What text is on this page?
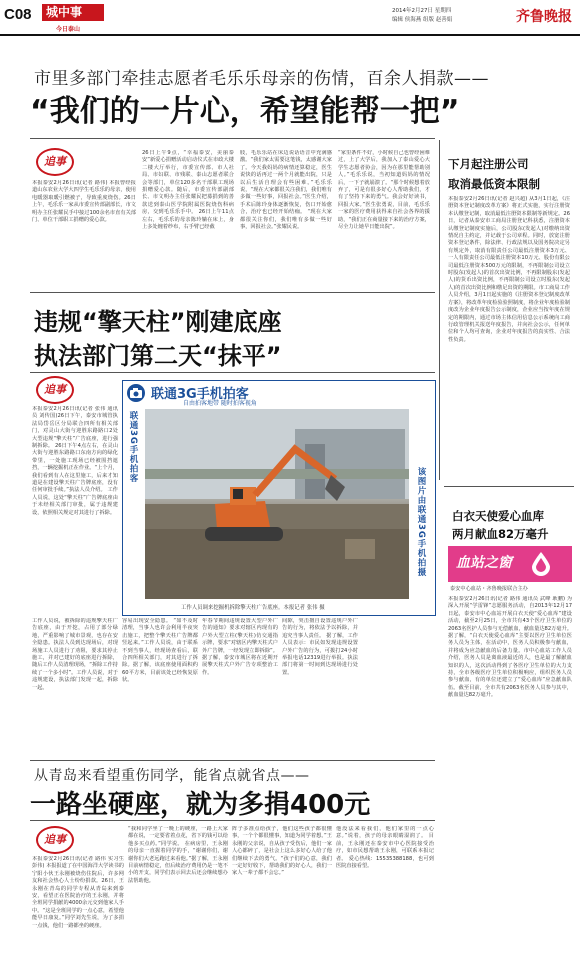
C08	城中事
今日泰山
2014年2月27日 星期四
编辑 侯海燕 组版 赵善娟	齐鲁晚报
市里多部门牵挂志愿者毛乐乐母亲的伤情，百余人捐款——
“我们的一片心，希望能帮一把”
追事
本报泰安2月26日讯(记者 路伟) 本报曾经报道山东农业大学大四学生毛乐乐的母亲，使用电暖器取暖引燃被子，导致重度烧伤。26日上午，毛乐乐一家从市委宣传部副部长，市文明办主任张耀民手中接过100余名市直有关部门、单位干部职工捐赠的爱心款。
26日上午9点，“幸福泰安，美丽泰安”新爱心捐赠活动启动仪式在市政大楼二楼大厅举行，市委宣传部、市人社局、市妇联、市残联、泰山志愿者联合会等部门，单位120多名干部职工现场捐赠爱心款。随后，市委宣传部副部长、市文明办主任张耀民把募捐到的善款送到泰山医学院附属医院烧伤科病房，交到毛乐乐手中。 26日上午11点左右，毛乐乐的母亲陈玲躺在床上，身上多处缠着纱布，右手臂已经截
肢，毛乐乐站在床边说话语音中充满感激。“我们家太需要这笔钱，太感谢大家了。今天我妈妈的病情还算稳定，医生说快的话再过一两个月就能出院，只是以后生活自理会有些困难。”毛乐乐说，“现在大家都很关注我们，我们唯有多做一些好事，回报社会。”医生介绍，手术后陈玲身体逐渐恢复，伤口开始愈合，治疗也已经开始结痂。 “现在大家都很关注你们，我们唯有多做一些好事，回报社会。”张耀民说。
“家里条件不好，小时候自己也曾经困难过，上了大学后，我加入了泰山爱心大学生志愿者协会，因为在那里能帮助别人。”毛乐乐说，当初知道妈妈的情况后，一下子就崩溃了。“那个时候想着放弃了，可是有很多好心人帮助我们，才有了坚持下来的勇气。我会好好读书，回报大家。”医生张勇说，目前，毛乐乐一家的医疗费用获得来自社会各界的援助，“我们正在商量接下来的治疗方案，尽全力让她早日能出院”。
下月起注册公司
取消最低资本限制
本报泰安2月26日讯(记者 赵兴超) 从3月1日起，《注册资本登记制度改革方案》将正式实施，实行注册资本认缴登记制，取消最低注册资本限制等新规定。26日，记者从泰安市工商局注册登记科获悉，注册资本认缴登记制度实施后，公司股东(发起人)对缴纳出资情况自主约定，并记载于公司章程。同时，放宽注册资本登记条件，除法律、行政法规以及国务院决定另有规定外，取消有限责任公司最低注册资本3万元、一人有限责任公司最低注册资本10万元、股份有限公司最低注册资本500万元的限制，不再限制公司设立时股东(发起人)的首次出资比例，不再限制股东(发起人)的货币出资比例，不再限制公司设立时股东(发起人)的首次出资比例和缴足出资的期限。市工商局工作人员介绍，3月1日起实施的《注册资本登记制度改革方案》，将改革年度检验验照制度，将企业年度检验制度改为企业年度报告公示制度，企业应当按年度在规定的期限内，通过市场主体信用信息公示系统向工商行政管理机关报送年度报告，并向社会公示，任何单位和个人均可查询，企业对年度报告的真实性、合法性负责。
违规“擎天柱”刚建底座
执法部门第二天“抹平”
追事
本报泰安2月26日讯(记者 张伟 通讯员 刘传国)26日下午，泰安市城管执法局岱岳区分局联合四所有相关部门，对灵山大街与迎胜东路路口2处大型违规“擎天柱”广告底座，进行强制拆除。 26日下午4点左右，在灵山大街与迎胜东路路口东南方向的绿化带里，一处施工现场已经被围挡遮挡，一辆挖掘机正在作业。“上个月，我们看到有人在这里施工，后来才知道是在建设擎天柱广告牌底座，没有任何审批手续。”执法人员介绍。 工作人员说，这处“擎天柱”广告牌底座由于未经相关部门审批，属于违规建设，依照相关规定对其进行了拆除。
工作人员说，被拆除的违规擎天柱广告底座，由于开挖，占用了部分绿地，严重影响了城市景观，也存在安全隐患。执法人员到达现场后，对现场施工人员进行了劝阻，要求其停止施工，并对已建好的底座进行拆除，随后工作人员清理现场，“拆除工作持续了一个多小时”。工作人员说，对于违规建设，执法部门发现一起，拆除一起。
联通3G手机拍客
自由拍客地带 随时拍客视角
联通3G手机拍客
该图片由联通3G手机拍摄
工作人员调来挖掘机拆除擎天柱广告底座。本报记者 张伟 摄
容易出现安全隐患。 “如不及时清理，当事人也许会利用半夜突击施工，把整个擎天柱广告牌都竖起来。”工作人员说，由于联系不到当事人，经现场查看后，联合四所相关部门，对其进行了拆除。据了解，该底座使用面积约60平方米，目前该处已经恢复原状。
年春节期间违规设置大型户外广告的通知》要求对辖区内现有的户外大型立柱(擎天柱)仿交通指示牌，要求“对辖区内擎天柱式户外广告牌，一经发现立即拆除”。据了解，泰安市城区将在近期开展擎天柱式户外广告专项整治工作。
间隙，突击擅自设置违规户外广告的行为，将依法予以拆除，并追究当事人责任。 据了解，工作人员表示：市民如发现违规设置户外广告的行为，可拨打24小时举报电话12319进行举报。执法部门将第一时间到达现场进行处置。
白衣天使爱心血库
两月献血82万毫升
血站之窗
泰安中心血站・齐鲁晚报联合主办
本报泰安2月26日讯(记者 路伟 通讯员 武峰 耿鹏) 为深入开展“学雷锋”志愿服务活动，自2013年12月17日起，泰安市中心血站开展白衣天使“爱心血库”建设活动，截至2月25日，全市共有43个医疗卫生单位的2063名医护人员参与无偿献血，献血量达82万毫升。据了解，“白衣天使爱心血库”主要以医疗卫生单位医务人员为主体，在活动中，医务人员积极参与献血，并将成为应急献血的后备力量。市中心血站工作人员介绍，医务人员是离血液最近的人，也是最了解献血知识的人，这次活动得到了各医疗卫生单位的大力支持，全市各级医疗卫生单位积极响应，组织医务人员参与献血，有的单位还建立了“爱心血库”应急献血队伍。截至目前，全市共有2063名医务人员参与其中，献血量达82万毫升。
从青岛来看望重伤同学，能省点就省点——
一路坐硬座，就为多捐400元
追事
本报泰安2月26日讯(记者 路伟 实习生 彭伟) 本报报道了在中国海洋大学读书的宁阳小伙王永刚被烧伤住院后，许多网友和社会热心人士纷纷捐款。26日，王永刚在青岛的同学专程从青岛来到泰安，看望正在医院治疗的王永刚，并将全班同学捐献的4000余元交到他家人手中。“这是全班同学的一点心意，希望他能早日康复。”同学刘先生说，为了多捐一点钱，他们一路都坐的硬座。
“我和同学坐了一晚上的硬座，一路上大家都在说，一定要省着点花，省下的钱可以给他多买点药。”同学说。 在病房里，王永刚的母亲一直握着同学的手，“谢谢你们，谢谢你们大老远跑过来看他。”据了解，王永刚目前病情稳定，但后续治疗费用仍是一笔不小的开支，同学们表示回去后还会继续想办法帮助他。
阵子多准点给孩子，他们这些孩子都很懂事，一个个都很懂事，知道为同学着想。”王永刚的父亲说，自从孩子受伤后，他们一家人心都碎了，是社会上这么多好心人给了他们继续下去的勇气。“孩子们的心意，我们一定好好收下，帮助我们的好心人，我们一家人一辈子都不会忘。”
他没法来看我们，他们家里的一点心意。”说着，孩子的母亲眼睛湿润了。 目前，王永刚还在泰安市中心医院接受治疗，如市民想帮助王永刚，可联系本报记者。 爱心热线：15535388188，也可到医院直接看望。
